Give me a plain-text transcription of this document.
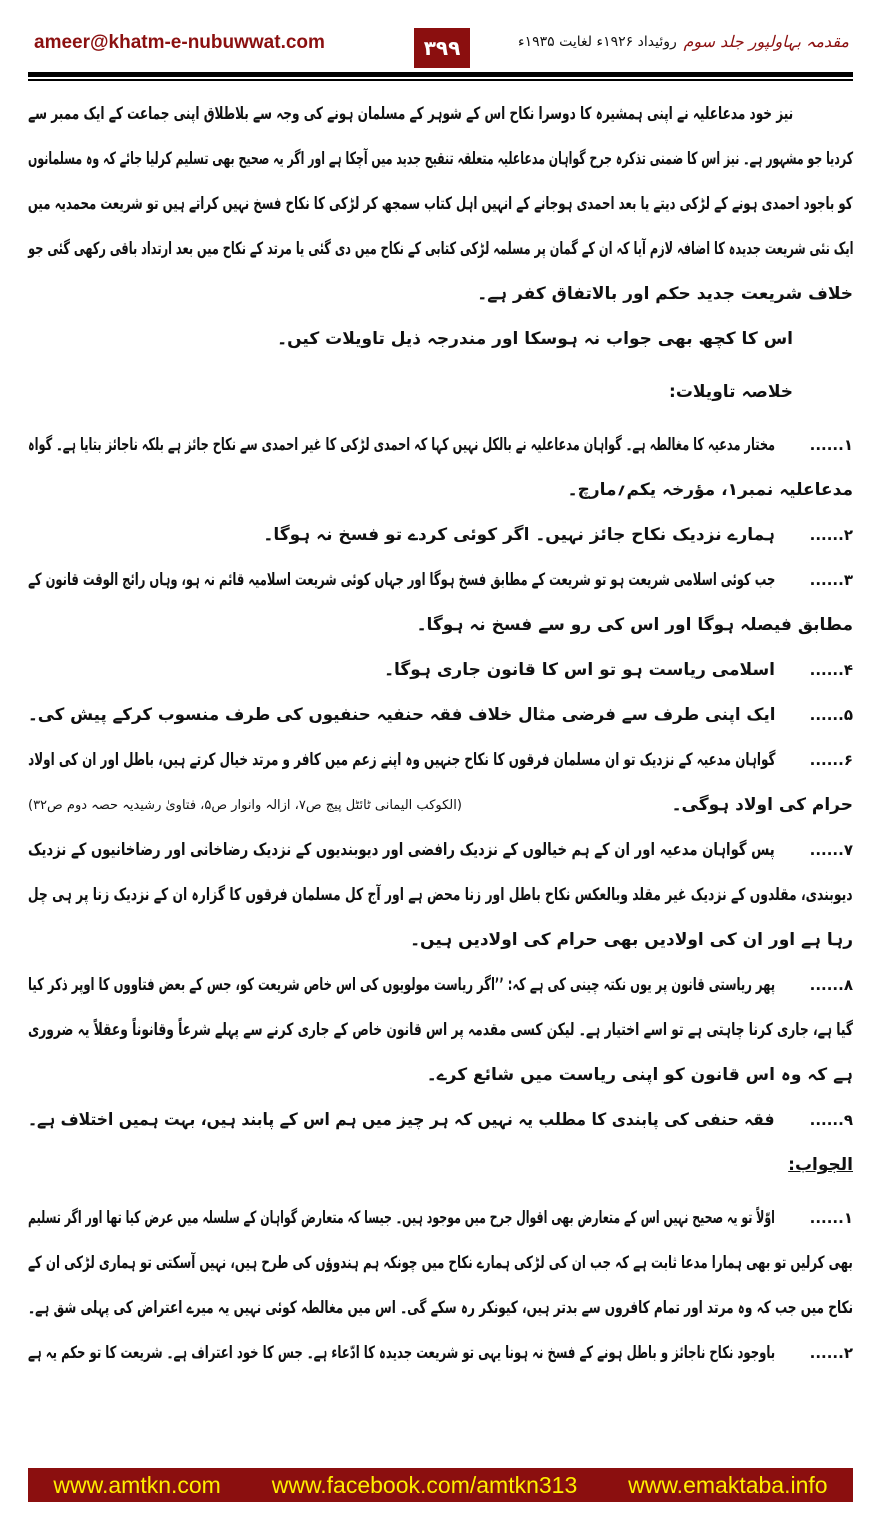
ameer@khatm-e-nubuwwat.com	۳۹۹	روئیداد ۱۹۲۶ء لغایت ۱۹۳۵ء مقدمہ بہاولپور جلد سوم
نیز خود مدعاعلیہ نے اپنی ہمشیرہ کا دوسرا نکاح اس کے شوہر کے مسلمان ہونے کی وجہ سے بلاطلاق اپنی جماعت کے ایک ممبر سے
کردیا جو مشہور ہے۔ نیز اس کا ضمنی تذکرہ جرح گواہان مدعاعلیہ متعلقہ تنقیح جدید میں آچکا ہے اور اگر یہ صحیح بھی تسلیم کرلیا جائے کہ وہ مسلمانوں
کو باجود احمدی ہونے کے لڑکی دیتے یا بعد احمدی ہوجانے کے انہیں اہل کتاب سمجھ کر لڑکی کا نکاح فسخ نہیں کراتے ہیں تو شریعت محمدیہ میں
ایک نئی شریعت جدیدہ کا اضافہ لازم آیا کہ ان کے گمان پر مسلمہ لڑکی کتابی کے نکاح میں دی گئی یا مرتد کے نکاح میں بعد ارتداد باقی رکھی گئی جو
خلاف شریعت جدید حکم اور بالاتفاق کفر ہے۔
اس کا کچھ بھی جواب نہ ہوسکا اور مندرجہ ذیل تاویلات کیں۔
خلاصہ تاویلات:
۱......
مختار مدعیہ کا مغالطہ ہے۔ گواہان مدعاعلیہ نے بالکل نہیں کہا کہ احمدی لڑکی کا غیر احمدی سے نکاح جائز ہے بلکہ ناجائز بتایا ہے۔ گواہ
مدعاعلیہ نمبر۱، مؤرخہ یکم؍مارچ۔
۲......
ہمارے نزدیک نکاح جائز نہیں۔ اگر کوئی کردے تو فسخ نہ ہوگا۔
۳......
جب کوئی اسلامی شریعت ہو تو شریعت کے مطابق فسخ ہوگا اور جہاں کوئی شریعت اسلامیہ قائم نہ ہو، وہاں رائج الوقت قانون کے
مطابق فیصلہ ہوگا اور اس کی رو سے فسخ نہ ہوگا۔
۴......
اسلامی ریاست ہو تو اس کا قانون جاری ہوگا۔
۵......
ایک اپنی طرف سے فرضی مثال خلاف فقہ حنفیہ حنفیوں کی طرف منسوب کرکے پیش کی۔
۶......
گواہان مدعیہ کے نزدیک تو ان مسلمان فرقوں کا نکاح جنہیں وہ اپنے زعم میں کافر و مرتد خیال کرتے ہیں، باطل اور ان کی اولاد
حرام کی اولاد ہوگی۔
(الکوکب الیمانی ٹائٹل پیج ص۷، ازالہ وانوار ص۵، فتاویٰ رشیدیہ حصہ دوم ص۳۲)
۷......
پس گواہان مدعیہ اور ان کے ہم خیالوں کے نزدیک رافضی اور دیوبندیوں کے نزدیک رضاخانی اور رضاخانیوں کے نزدیک
دیوبندی، مقلدوں کے نزدیک غیر مقلد وبالعکس نکاح باطل اور زنا محض ہے اور آج کل مسلمان فرقوں کا گزارہ ان کے نزدیک زنا پر ہی چل
رہا ہے اور ان کی اولادیں بھی حرام کی اولادیں ہیں۔
۸......
پھر ریاستی قانون پر یوں نکتہ چینی کی ہے کہ: ’’اگر ریاست مولویوں کی اس خاص شریعت کو، جس کے بعض فتاووں کا اوپر ذکر کیا
گیا ہے، جاری کرنا چاہتی ہے تو اسے اختیار ہے۔ لیکن کسی مقدمہ پر اس قانون خاص کے جاری کرنے سے پہلے شرعاً وقانوناً وعقلاً یہ ضروری
ہے کہ وہ اس قانون کو اپنی ریاست میں شائع کرے۔
۹......
فقہ حنفی کی پابندی کا مطلب یہ نہیں کہ ہر چیز میں ہم اس کے پابند ہیں، بہت ہمیں اختلاف ہے۔
الجواب:
۱......
اوّلاً تو یہ صحیح نہیں اس کے متعارض بھی اقوال جرح میں موجود ہیں۔ جیسا کہ متعارض گواہان کے سلسلہ میں عرض کیا تھا اور اگر تسلیم
بھی کرلیں تو بھی ہمارا مدعا ثابت ہے کہ جب ان کی لڑکی ہمارے نکاح میں چونکہ ہم ہندوؤں کی طرح ہیں، نہیں آسکتی تو ہماری لڑکی ان کے
نکاح میں جب کہ وہ مرتد اور تمام کافروں سے بدتر ہیں، کیونکر رہ سکے گی۔ اس میں مغالطہ کوئی نہیں یہ میرے اعتراض کی پہلی شق ہے۔
۲......
باوجود نکاح ناجائز و باطل ہونے کے فسخ نہ ہونا یہی تو شریعت جدیدہ کا ادّعاء ہے۔ جس کا خود اعتراف ہے۔ شریعت کا تو حکم یہ ہے
www.amtkn.com www.facebook.com/amtkn313 www.emaktaba.info
